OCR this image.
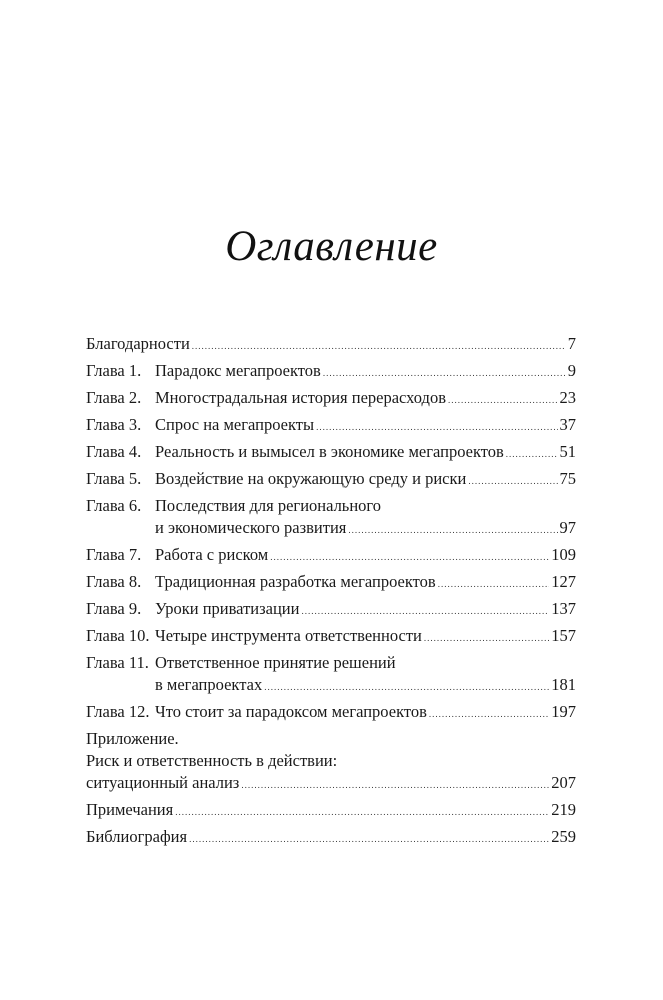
Оглавление
Благодарности .....	7
Глава 1. Парадокс мегапроектов .....	9
Глава 2. Многострадальная история перерасходов .....	23
Глава 3. Спрос на мегапроекты .....	37
Глава 4. Реальность и вымысел в экономике мегапроектов .....	51
Глава 5. Воздействие на окружающую среду и риски .....	75
Глава 6. Последствия для регионального
и экономического развития .....	97
Глава 7. Работа с риском .....	109
Глава 8. Традиционная разработка мегапроектов .....	127
Глава 9. Уроки приватизации .....	137
Глава 10. Четыре инструмента ответственности .....	157
Глава 11. Ответственное принятие решений
в мегапроектах .....	181
Глава 12. Что стоит за парадоксом мегапроектов .....	197
Приложение.
Риск и ответственность в действии:
ситуационный анализ .....	207
Примечания .....	219
Библиография .....	259
